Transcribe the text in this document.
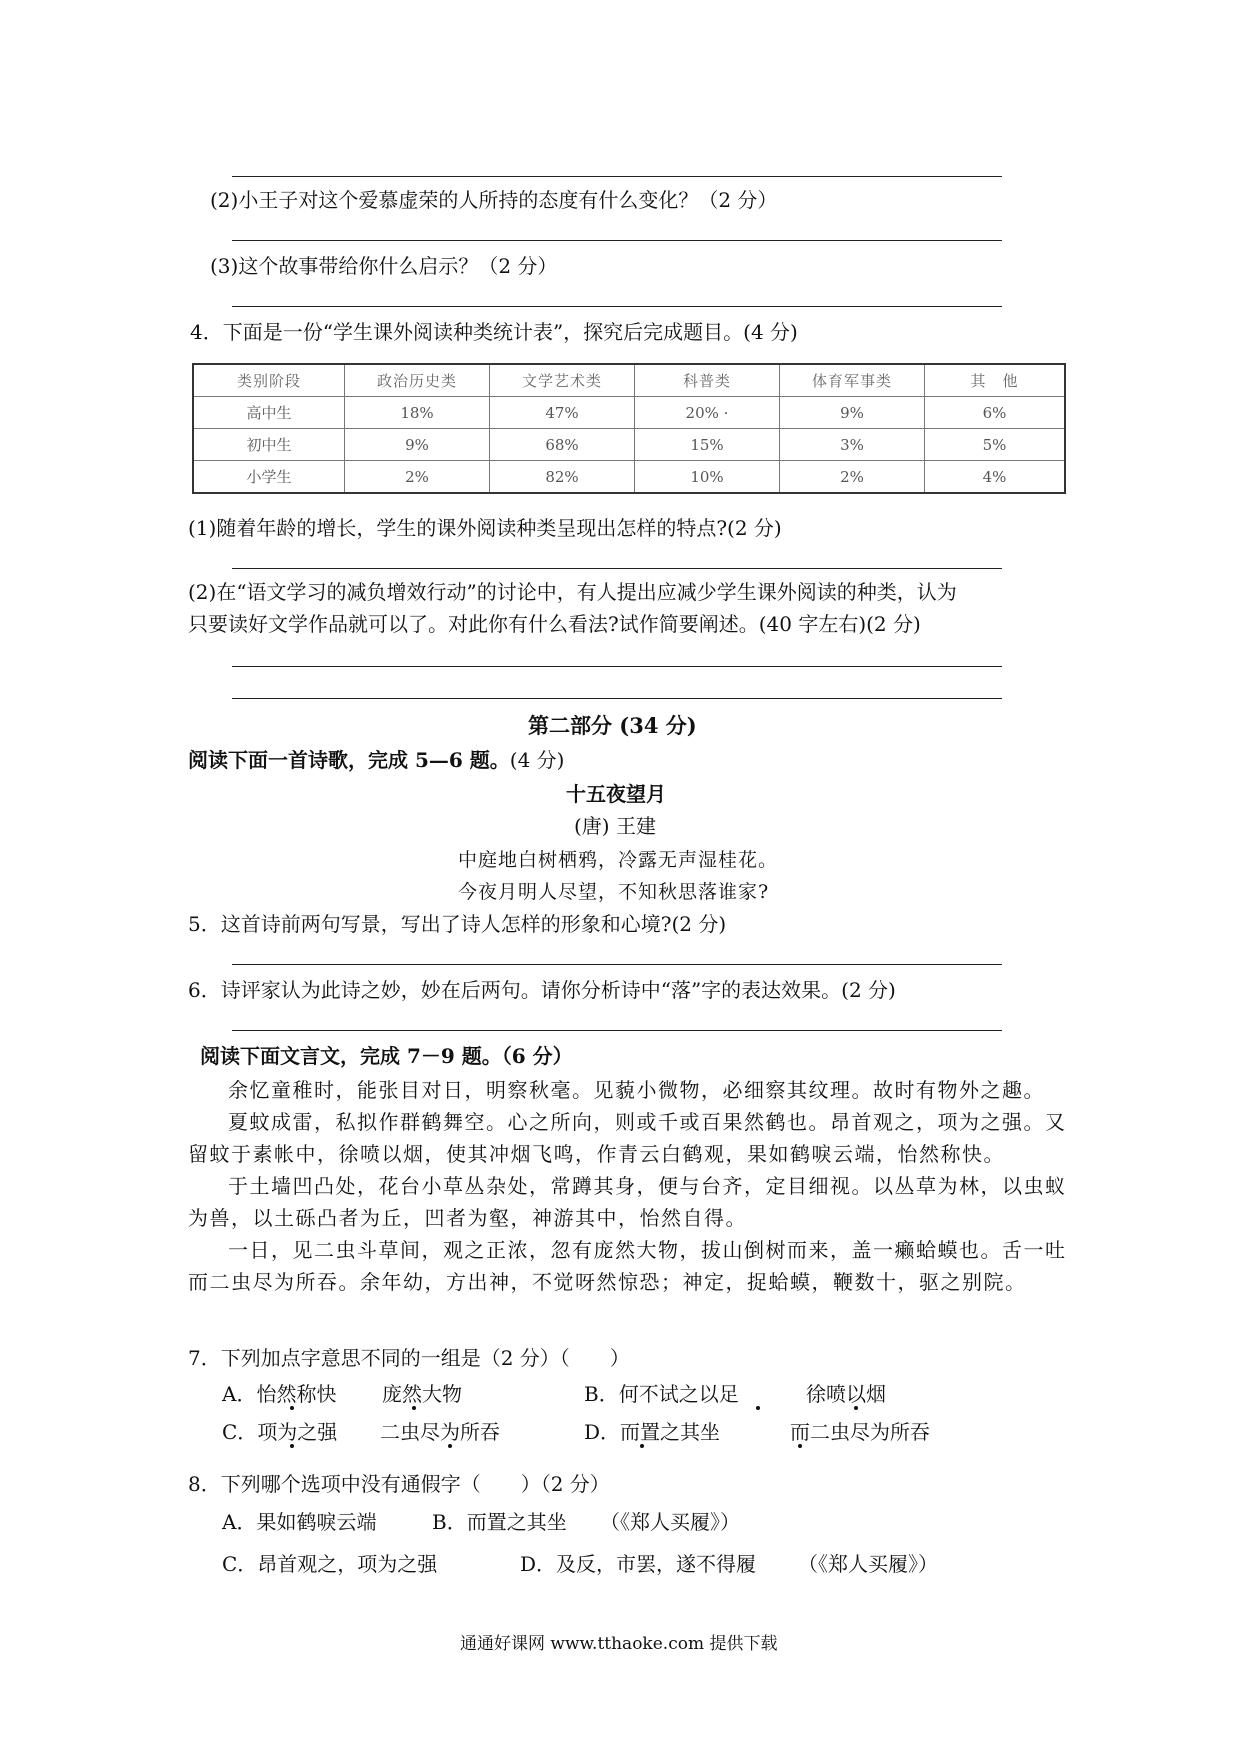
(2)小王子对这个爱慕虚荣的人所持的态度有什么变化？（2 分）
(3)这个故事带给你什么启示？（2 分）
4．下面是一份“学生课外阅读种类统计表”，探究后完成题目。(4 分)
类别阶段	政治历史类	文学艺术类	科普类	体育军事类	其　他
高中生	18%	47%	20% ·	9%	6%
初中生	9%	68%	15%	3%	5%
小学生	2%	82%	10%	2%	4%
(1)随着年龄的增长，学生的课外阅读种类呈现出怎样的特点?(2 分)
(2)在“语文学习的减负增效行动”的讨论中，有人提出应减少学生课外阅读的种类，认为
只要读好文学作品就可以了。对此你有什么看法?试作简要阐述。(40 字左右)(2 分)
第二部分 (34 分)
阅读下面一首诗歌，完成 5—6 题。(4 分)
十五夜望月
(唐) 王建
中庭地白树栖鸦，冷露无声湿桂花。
今夜月明人尽望，不知秋思落谁家?
5．这首诗前两句写景，写出了诗人怎样的形象和心境?(2 分)
6．诗评家认为此诗之妙，妙在后两句。请你分析诗中“落”字的表达效果。(2 分)
阅读下面文言文，完成 7－9 题。（6 分）
余忆童稚时，能张目对日，明察秋毫。见藐小微物，必细察其纹理。故时有物外之趣。
夏蚊成雷，私拟作群鹤舞空。心之所向，则或千或百果然鹤也。昂首观之，项为之强。又留蚊于素帐中，徐喷以烟，使其冲烟飞鸣，作青云白鹤观，果如鹤唳云端，怡然称快。
于土墙凹凸处，花台小草丛杂处，常蹲其身，便与台齐，定目细视。以丛草为林，以虫蚁为兽，以土砾凸者为丘，凹者为壑，神游其中，怡然自得。
一日，见二虫斗草间，观之正浓，忽有庞然大物，拔山倒树而来，盖一癞蛤蟆也。舌一吐而二虫尽为所吞。余年幼，方出神，不觉呀然惊恐；神定，捉蛤蟆，鞭数十，驱之别院。
7．下列加点字意思不同的一组是（2 分）（　　）
A．怡然称快 庞然大物	B．何不试之以足	徐喷以烟
C．项为之强 二虫尽为所吞	D．而置之其坐	而二虫尽为所吞
8．下列哪个选项中没有通假字（　　）（2 分）
A．果如鹤唳云端	B．而置之其坐 （《郑人买履》）
C．昂首观之，项为之强	D．及反，市罢，遂不得履 （《郑人买履》）
通通好课网 www.tthaoke.com 提供下载
